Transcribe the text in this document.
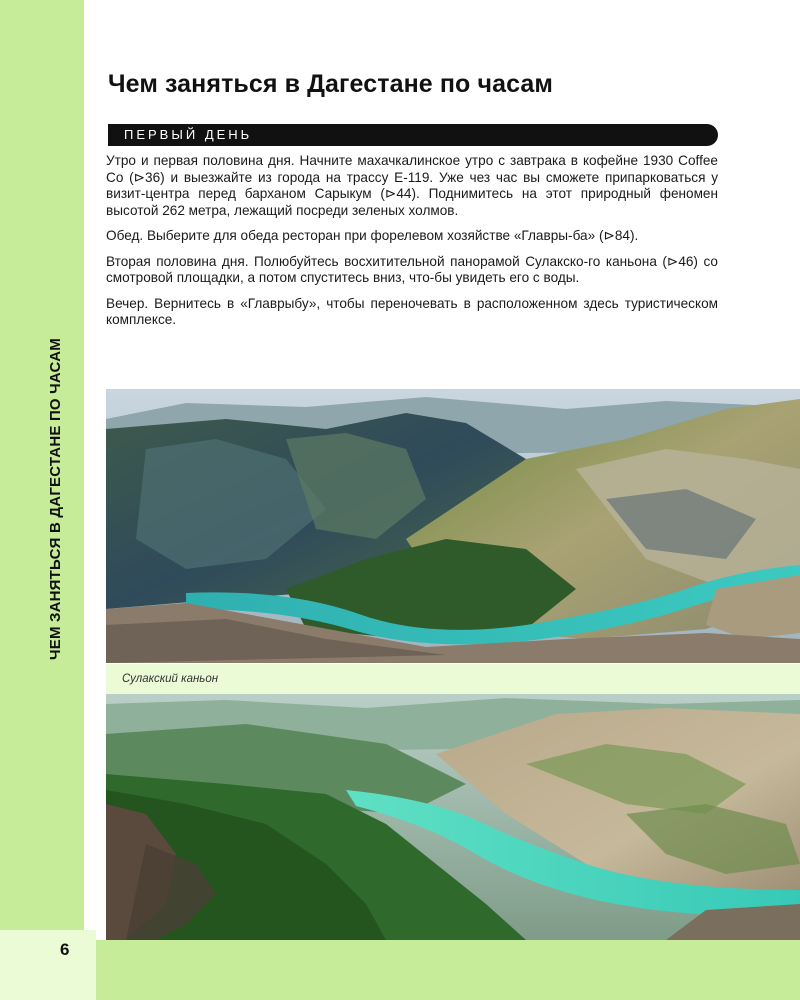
ЧЕМ ЗАНЯТЬСЯ В ДАГЕСТАНЕ ПО ЧАСАМ
Чем заняться в Дагестане по часам
ПЕРВЫЙ ДЕНЬ

Утро и первая половина дня. Начните махачкалинское утро с завтрака в кофейне 1930 Coffee Co (⊳36) и выезжайте из города на трассу Е-119. Уже чез час вы сможете припарковаться у визит-центра перед барханом Сарыкум (⊳44). Поднимитесь на этот природный феномен высотой 262 метра, лежащий посреди зеленых холмов.

Обед. Выберите для обеда ресторан при форелевом хозяйстве «Главры-ба» (⊳84).

Вторая половина дня. Полюбуйтесь восхитительной панорамой Сулакско-го каньона (⊳46) со смотровой площадки, а потом спуститесь вниз, что-бы увидеть его с воды.

Вечер. Вернитесь в «Главрыбу», чтобы переночевать в расположенном здесь туристическом комплексе.

Сулакский каньон
6
